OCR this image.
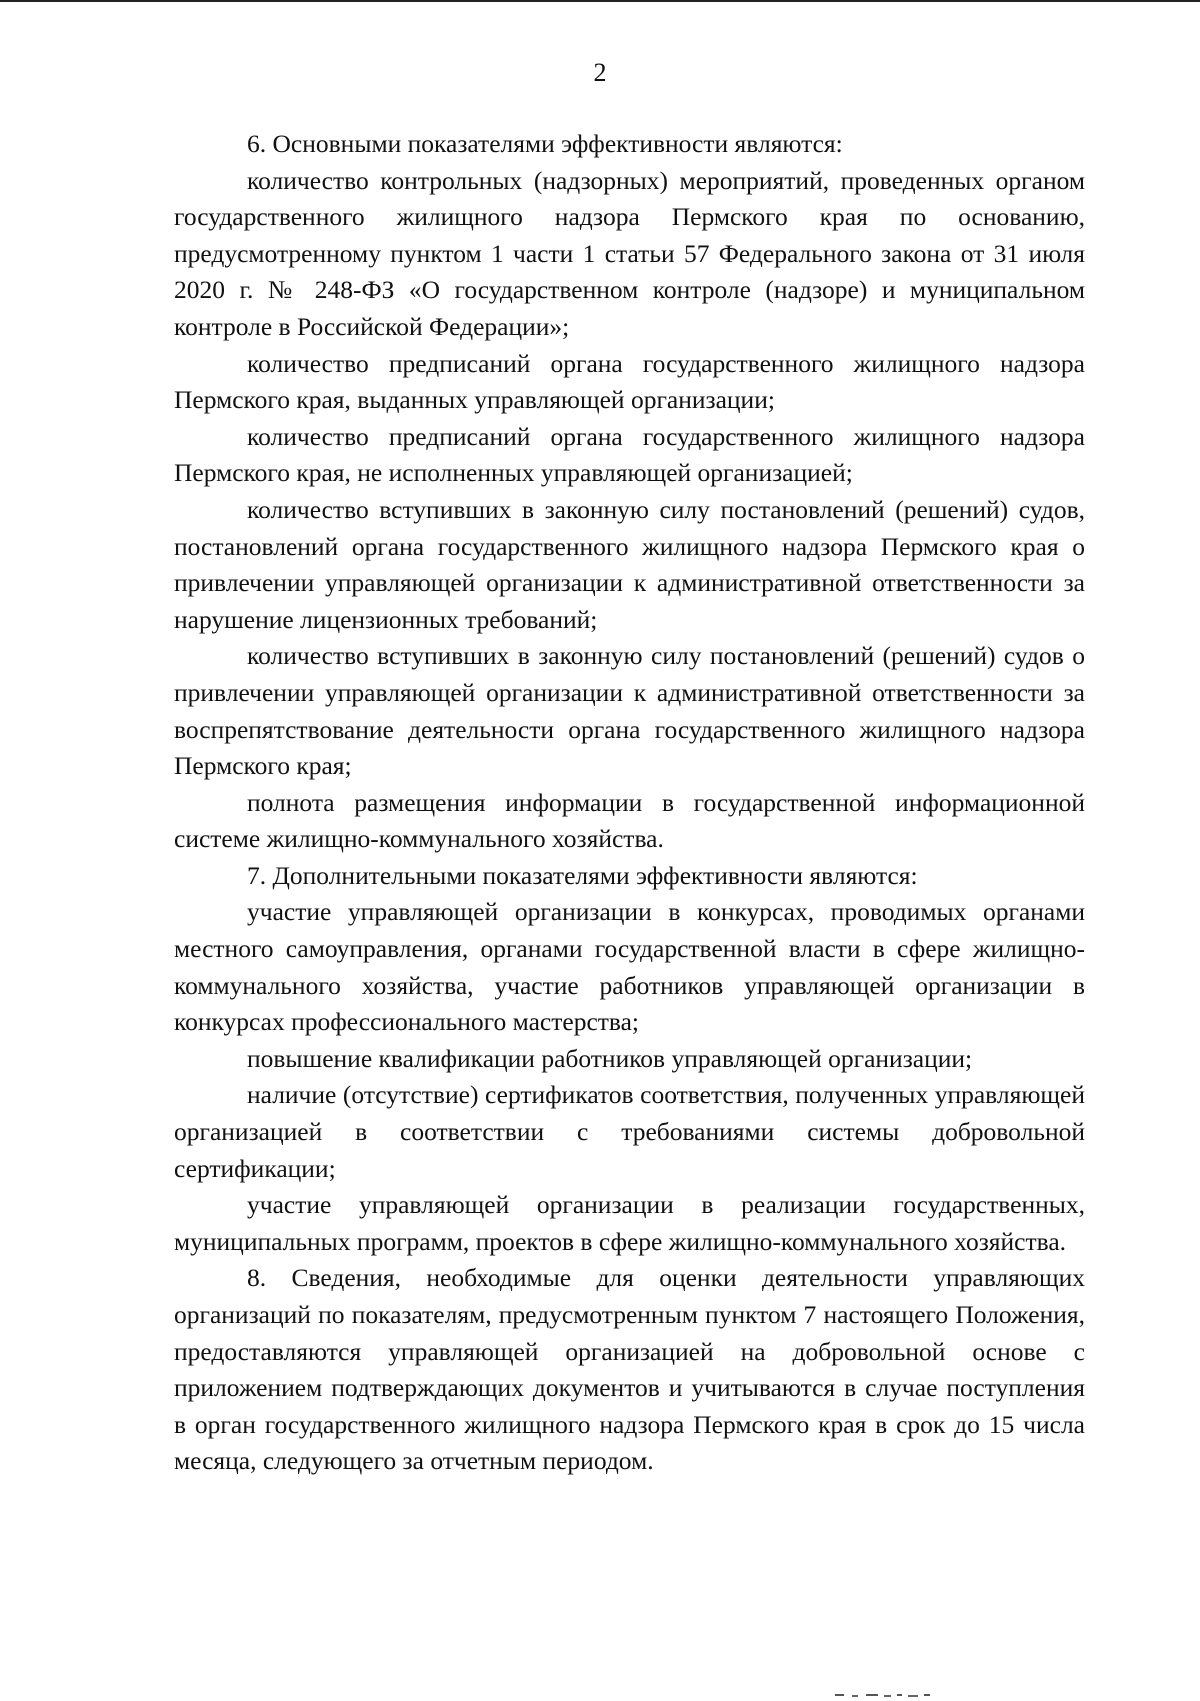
2

6. Основными показателями эффективности являются:

количество контрольных (надзорных) мероприятий, проведенных органом государственного жилищного надзора Пермского края по основанию, предусмотренному пунктом 1 части 1 статьи 57 Федерального закона от 31 июля 2020 г. № 248-ФЗ «О государственном контроле (надзоре) и муниципальном контроле в Российской Федерации»;

количество предписаний органа государственного жилищного надзора Пермского края, выданных управляющей организации;

количество предписаний органа государственного жилищного надзора Пермского края, не исполненных управляющей организацией;

количество вступивших в законную силу постановлений (решений) судов, постановлений органа государственного жилищного надзора Пермского края о привлечении управляющей организации к административной ответственности за нарушение лицензионных требований;

количество вступивших в законную силу постановлений (решений) судов о привлечении управляющей организации к административной ответственности за воспрепятствование деятельности органа государственного жилищного надзора Пермского края;

полнота размещения информации в государственной информационной системе жилищно-коммунального хозяйства.

7. Дополнительными показателями эффективности являются:

участие управляющей организации в конкурсах, проводимых органами местного самоуправления, органами государственной власти в сфере жилищно-коммунального хозяйства, участие работников управляющей организации в конкурсах профессионального мастерства;

повышение квалификации работников управляющей организации;

наличие (отсутствие) сертификатов соответствия, полученных управляющей организацией в соответствии с требованиями системы добровольной сертификации;

участие управляющей организации в реализации государственных, муниципальных программ, проектов в сфере жилищно-коммунального хозяйства.

8. Сведения, необходимые для оценки деятельности управляющих организаций по показателям, предусмотренным пунктом 7 настоящего Положения, предоставляются управляющей организацией на добровольной основе с приложением подтверждающих документов и учитываются в случае поступления в орган государственного жилищного надзора Пермского края в срок до 15 числа месяца, следующего за отчетным периодом.
